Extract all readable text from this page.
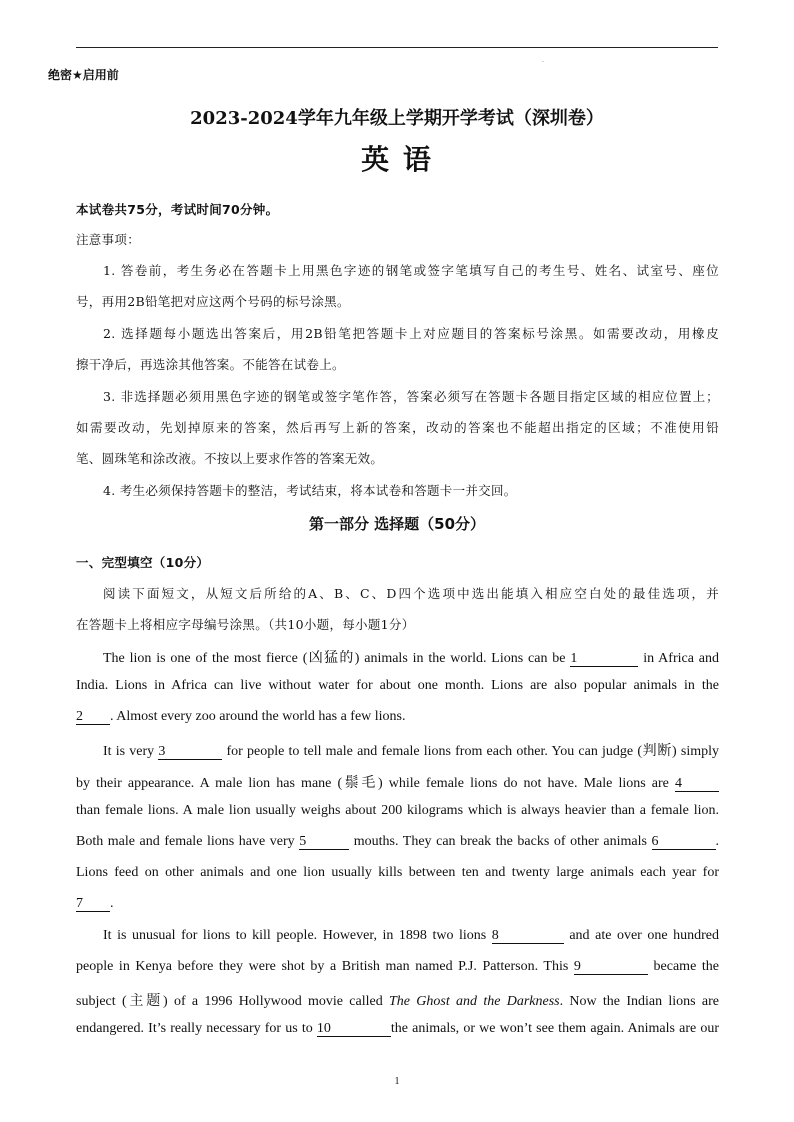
.
绝密★启用前
2023-2024学年九年级上学期开学考试（深圳卷）
英 语
本试卷共75分，考试时间70分钟。
注意事项：
1. 答卷前，考生务必在答题卡上用黑色字迹的钢笔或签字笔填写自己的考生号、姓名、试室号、座位
号，再用2B铅笔把对应这两个号码的标号涂黑。
2. 选择题每小题选出答案后，用2B铅笔把答题卡上对应题目的答案标号涂黑。如需要改动，用橡皮
擦干净后，再选涂其他答案。不能答在试卷上。
3. 非选择题必须用黑色字迹的钢笔或签字笔作答，答案必须写在答题卡各题目指定区域的相应位置上；
如需要改动，先划掉原来的答案，然后再写上新的答案，改动的答案也不能超出指定的区域；不准使用铅
笔、圆珠笔和涂改液。不按以上要求作答的答案无效。
4. 考生必须保持答题卡的整洁，考试结束，将本试卷和答题卡一并交回。
第一部分 选择题（50分）
一、完型填空（10分）
阅读下面短文，从短文后所给的A、B、C、D四个选项中选出能填入相应空白处的最佳选项，并
在答题卡上将相应字母编号涂黑。（共10小题，每小题1分）
The lion is one of the most fierce (凶猛的) animals in the world. Lions can be 1	in Africa and
India. Lions in Africa can live without water for about one month. Lions are also popular animals in the
2 . Almost every zoo around the world has a few lions.
It is very 3	for people to tell male and female lions from each other. You can judge (判断) simply
by their appearance. A male lion has mane (鬃毛) while female lions do not have. Male lions are 4
than female lions. A male lion usually weighs about 200 kilograms which is always heavier than a female lion.
Both male and female lions have very 5	mouths. They can break the backs of other animals 6	.
Lions feed on other animals and one lion usually kills between ten and twenty large animals each year for
7 .
It is unusual for lions to kill people. However, in 1898 two lions 8	and ate over one hundred
people in Kenya before they were shot by a British man named P.J. Patterson. This 9	became the
subject (主题) of a 1996 Hollywood movie called The Ghost and the Darkness. Now the Indian lions are
endangered. It’s really necessary for us to 10	the animals, or we won’t see them again. Animals are our
1
